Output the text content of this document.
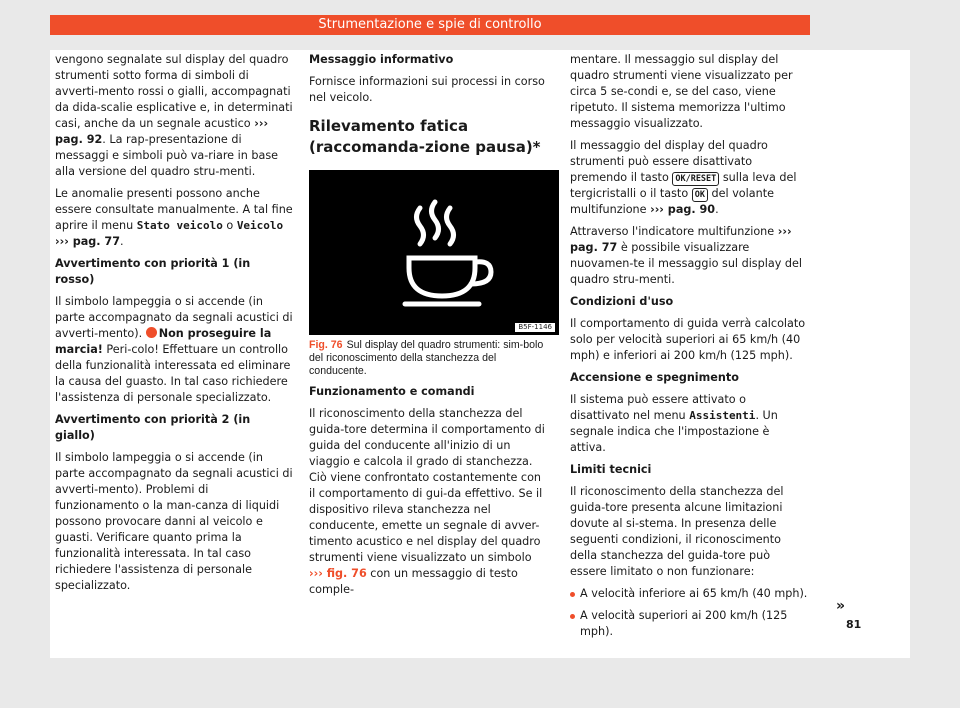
Strumentazione e spie di controllo

vengono segnalate sul display del quadro strumenti sotto forma di simboli di avverti-mento rossi o gialli, accompagnati da dida-scalie esplicative e, in determinati casi, anche da un segnale acustico ››› pag. 92. La rap-presentazione di messaggi e simboli può va-riare in base alla versione del quadro stru-menti.

Le anomalie presenti possono anche essere consultate manualmente. A tal fine aprire il menu Stato veicolo o Veicolo ››› pag. 77.

Avvertimento con priorità 1 (in rosso)

Il simbolo lampeggia o si accende (in parte accompagnato da segnali acustici di avverti-mento). Non proseguire la marcia! Peri-colo! Effettuare un controllo della funzionalità interessata ed eliminare la causa del guasto. In tal caso richiedere l'assistenza di personale specializzato.

Avvertimento con priorità 2 (in giallo)

Il simbolo lampeggia o si accende (in parte accompagnato da segnali acustici di avverti-mento). Problemi di funzionamento o la man-canza di liquidi possono provocare danni al veicolo e guasti. Verificare quanto prima la funzionalità interessata. In tal caso richiedere l'assistenza di personale specializzato.

Messaggio informativo

Fornisce informazioni sui processi in corso nel veicolo.

Rilevamento fatica (raccomanda-zione pausa)*
B5F-1146

Fig. 76 Sul display del quadro strumenti: sim-bolo del riconoscimento della stanchezza del conducente.

Funzionamento e comandi

Il riconoscimento della stanchezza del guida-tore determina il comportamento di guida del conducente all'inizio di un viaggio e calcola il grado di stanchezza. Ciò viene confrontato costantemente con il comportamento di gui-da effettivo. Se il dispositivo rileva stanchezza nel conducente, emette un segnale di avver-timento acustico e nel display del quadro strumenti viene visualizzato un simbolo ››› fig. 76 con un messaggio di testo comple-

mentare. Il messaggio sul display del quadro strumenti viene visualizzato per circa 5 se-condi e, se del caso, viene ripetuto. Il sistema memorizza l'ultimo messaggio visualizzato.

Il messaggio del display del quadro strumenti può essere disattivato premendo il tasto OK/RESET sulla leva del tergicristalli o il tasto OK del volante multifunzione ››› pag. 90.

Attraverso l'indicatore multifunzione ››› pag. 77 è possibile visualizzare nuovamen-te il messaggio sul display del quadro stru-menti.

Condizioni d'uso

Il comportamento di guida verrà calcolato solo per velocità superiori ai 65 km/h (40 mph) e inferiori ai 200 km/h (125 mph).

Accensione e spegnimento

Il sistema può essere attivato o disattivato nel menu Assistenti. Un segnale indica che l'impostazione è attiva.

Limiti tecnici

Il riconoscimento della stanchezza del guida-tore presenta alcune limitazioni dovute al si-stema. In presenza delle seguenti condizioni, il riconoscimento della stanchezza del guida-tore può essere limitato o non funzionare:

A velocità inferiore ai 65 km/h (40 mph).
A velocità superiori ai 200 km/h (125 mph).
»
81
